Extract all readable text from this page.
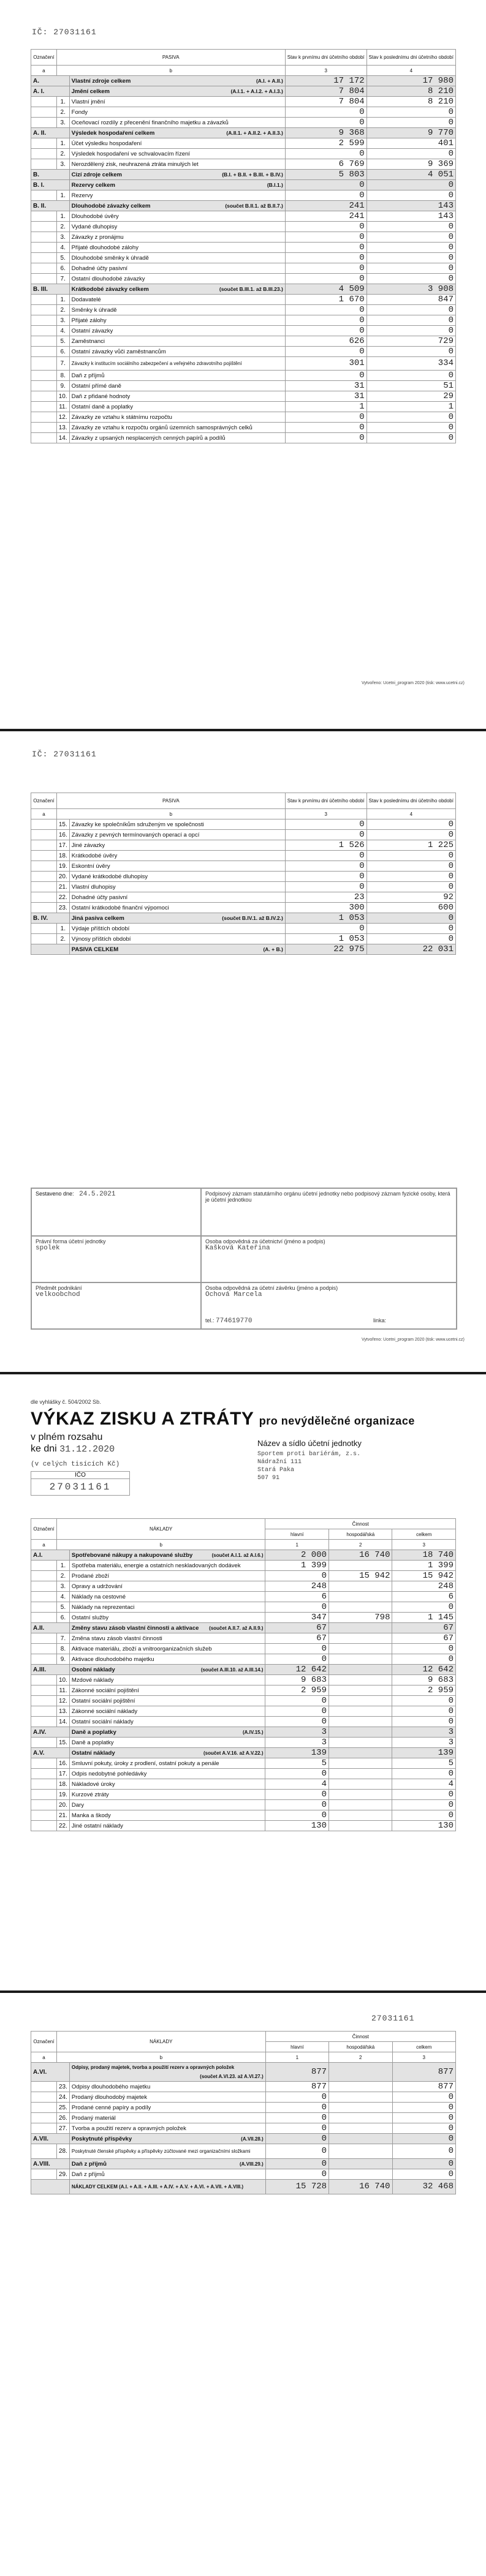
IČ: 27031161
Označení	PASIVA		Stav k prvnímu dni účetního období	Stav k poslednímu dni účetního období
a	b		3	4
A.		Vlastní zdroje celkem (A.I. + A.II.)	17 172	17 980
A. I.		Jmění celkem (A.I.1. + A.I.2. + A.I.3.)	7 804	8 210
	1.	Vlastní jmění	7 804	8 210
	2.	Fondy	0	0
	3.	Oceňovací rozdíly z přecenění finančního majetku a závazků	0	0
A. II.		Výsledek hospodaření celkem (A.II.1. + A.II.2. + A.II.3.)	9 368	9 770
	1.	Účet výsledku hospodaření	2 599	401
	2.	Výsledek hospodaření ve schvalovacím řízení	0	0
	3.	Nerozdělený zisk, neuhrazená ztráta minulých let	6 769	9 369
B.		Cizí zdroje celkem (B.I. + B.II. + B.III. + B.IV.)	5 803	4 051
B. I.		Rezervy celkem (B.I.1.)	0	0
	1.	Rezervy	0	0
B. II.		Dlouhodobé závazky celkem (součet B.II.1. až B.II.7.)	241	143
	1.	Dlouhodobé úvěry	241	143
	2.	Vydané dluhopisy	0	0
	3.	Závazky z pronájmu	0	0
	4.	Přijaté dlouhodobé zálohy	0	0
	5.	Dlouhodobé směnky k úhradě	0	0
	6.	Dohadné účty pasivní	0	0
	7.	Ostatní dlouhodobé závazky	0	0
B. III.		Krátkodobé závazky celkem (součet B.III.1. až B.III.23.)	4 509	3 908
	1.	Dodavatelé	1 670	847
	2.	Směnky k úhradě	0	0
	3.	Přijaté zálohy	0	0
	4.	Ostatní závazky	0	0
	5.	Zaměstnanci	626	729
	6.	Ostatní závazky vůči zaměstnancům	0	0
	7.	Závazky k institucím sociálního zabezpečení a veřejného zdravotního pojištění	301	334
	8.	Daň z příjmů	0	0
	9.	Ostatní přímé daně	31	51
	10.	Daň z přidané hodnoty	31	29
	11.	Ostatní daně a poplatky	1	1
	12.	Závazky ze vztahu k státnímu rozpočtu	0	0
	13.	Závazky ze vztahu k rozpočtu orgánů územních samosprávných celků	0	0
	14.	Závazky z upsaných nesplacených cenných papírů a podílů	0	0
Vytvořeno: Ucetni_program 2020 (tisk: www.ucetni.cz)
IČ: 27031161
Označení	PASIVA		Stav k prvnímu dni účetního období	Stav k poslednímu dni účetního období
a	b		3	4
	15.	Závazky ke společníkům sdruženým ve společnosti	0	0
	16.	Závazky z pevných termínovaných operací a opcí	0	0
	17.	Jiné závazky	1 526	1 225
	18.	Krátkodobé úvěry	0	0
	19.	Eskontní úvěry	0	0
	20.	Vydané krátkodobé dluhopisy	0	0
	21.	Vlastní dluhopisy	0	0
	22.	Dohadné účty pasivní	23	92
	23.	Ostatní krátkodobé finanční výpomoci	300	600
B. IV.		Jiná pasiva celkem (součet B.IV.1. až B.IV.2.)	1 053	0
	1.	Výdaje příštích období	0	0
	2.	Výnosy příštích období	1 053	0
		PASIVA CELKEM (A. + B.)	22 975	22 031
Sestaveno dne: 24.5.2021	Podpisový záznam statutárního orgánu účetní jednotky nebo podpisový záznam fyzické osoby, která je účetní jednotkou
Právní forma účetní jednotky
spolek
Osoba odpovědná za účetnictví (jméno a podpis)
Kašková Kateřina
Předmět podnikání
velkoobchod
Osoba odpovědná za účetní závěrku (jméno a podpis)
Ochová Marcela
tel.: 774619770	linka:
Vytvořeno: Ucetni_program 2020 (tisk: www.ucetni.cz)
dle vyhlášky č. 504/2002 Sb.
VÝKAZ ZISKU A ZTRÁTY pro nevýdělečné organizace
v plném rozsahu
ke dni 31.12.2020
(v celých tisících Kč)
IČO
27031161
Název a sídlo účetní jednotky
Sportem proti bariérám, z.s.
Nádražní 111
Stará Paka
507 91
Označení	NÁKLADY		Činnost		
			hlavní	hospodářská	celkem
a	b		1	2	3
A.I.		Spotřebované nákupy a nakupované služby (součet A.I.1. až A.I.6.)	2 000	16 740	18 740
	1.	Spotřeba materiálu, energie a ostatních neskladovaných dodávek	1 399		1 399
	2.	Prodané zboží	0	15 942	15 942
	3.	Opravy a udržování	248		248
	4.	Náklady na cestovné	6		6
	5.	Náklady na reprezentaci	0		0
	6.	Ostatní služby	347	798	1 145
A.II.		Změny stavu zásob vlastní činnosti a aktivace (součet A.II.7. až A.II.9.)	67		67
	7.	Změna stavu zásob vlastní činnosti	67		67
	8.	Aktivace materiálu, zboží a vnitroorganizačních služeb	0		0
	9.	Aktivace dlouhodobého majetku	0		0
A.III.		Osobní náklady (součet A.III.10. až A.III.14.)	12 642		12 642
	10.	Mzdové náklady	9 683		9 683
	11.	Zákonné sociální pojištění	2 959		2 959
	12.	Ostatní sociální pojištění	0		0
	13.	Zákonné sociální náklady	0		0
	14.	Ostatní sociální náklady	0		0
A.IV.		Daně a poplatky (A.IV.15.)	3		3
	15.	Daně a poplatky	3		3
A.V.		Ostatní náklady (součet A.V.16. až A.V.22.)	139		139
	16.	Smluvní pokuty, úroky z prodlení, ostatní pokuty a penále	5		5
	17.	Odpis nedobytné pohledávky	0		0
	18.	Nákladové úroky	4		4
	19.	Kurzové ztráty	0		0
	20.	Dary	0		0
	21.	Manka a škody	0		0
	22.	Jiné ostatní náklady	130		130
27031161
Označení	NÁKLADY		Činnost		
			hlavní	hospodářská	celkem
a	b		1	2	3
A.VI.		Odpisy, prodaný majetek, tvorba a použití rezerv a opravných položek
(součet A.VI.23. až A.VI.27.)	877		877
	23.	Odpisy dlouhodobého majetku	877		877
	24.	Prodaný dlouhodobý majetek	0		0
	25.	Prodané cenné papíry a podíly	0		0
	26.	Prodaný materiál	0		0
	27.	Tvorba a použití rezerv a opravných položek	0		0
A.VII.		Poskytnuté příspěvky (A.VII.28.)	0		0
	28.	Poskytnuté členské příspěvky a příspěvky zúčtované mezi organizačními složkami	0		0
A.VIII.		Daň z příjmů (A.VIII.29.)	0		0
	29.	Daň z příjmů	0		0
		NÁKLADY CELKEM (A.I. + A.II. + A.III. + A.IV. + A.V. + A.VI. + A.VII. + A.VIII.)	15 728	16 740	32 468
